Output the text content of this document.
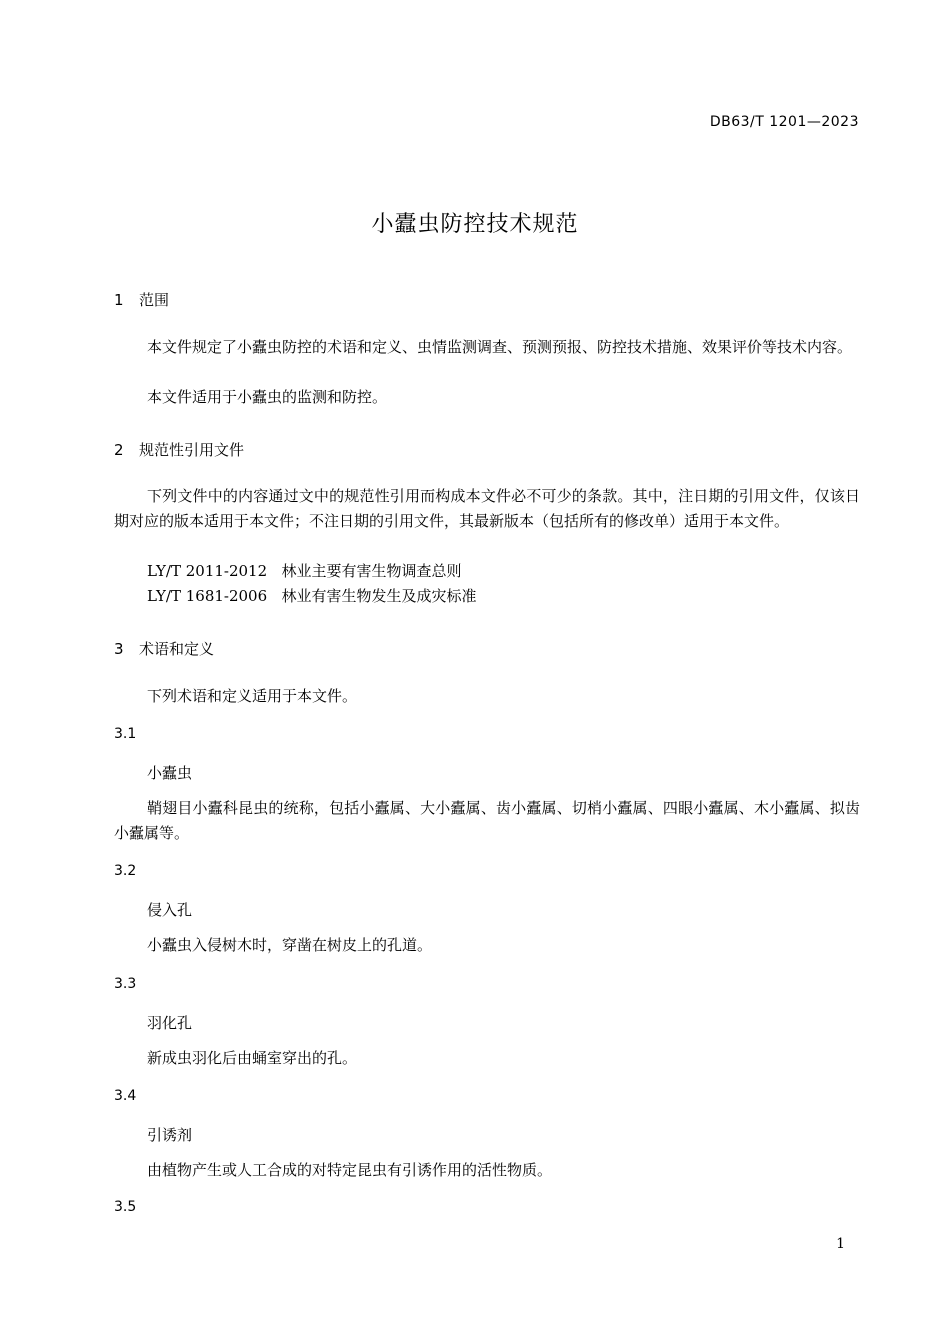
DB63/T 1201—2023
小蠹虫防控技术规范
1 范围
本文件规定了小蠹虫防控的术语和定义、虫情监测调查、预测预报、防控技术措施、效果评价等技术内容。
本文件适用于小蠹虫的监测和防控。
2 规范性引用文件
下列文件中的内容通过文中的规范性引用而构成本文件必不可少的条款。其中，注日期的引用文件，仅该日期对应的版本适用于本文件；不注日期的引用文件，其最新版本（包括所有的修改单）适用于本文件。
LY/T 2011-2012 林业主要有害生物调查总则
LY/T 1681-2006 林业有害生物发生及成灾标准
3 术语和定义
下列术语和定义适用于本文件。
3.1
小蠹虫
鞘翅目小蠹科昆虫的统称，包括小蠹属、大小蠹属、齿小蠹属、切梢小蠹属、四眼小蠹属、木小蠹属、拟齿小蠹属等。
3.2
侵入孔
小蠹虫入侵树木时，穿凿在树皮上的孔道。
3.3
羽化孔
新成虫羽化后由蛹室穿出的孔。
3.4
引诱剂
由植物产生或人工合成的对特定昆虫有引诱作用的活性物质。
3.5
1
